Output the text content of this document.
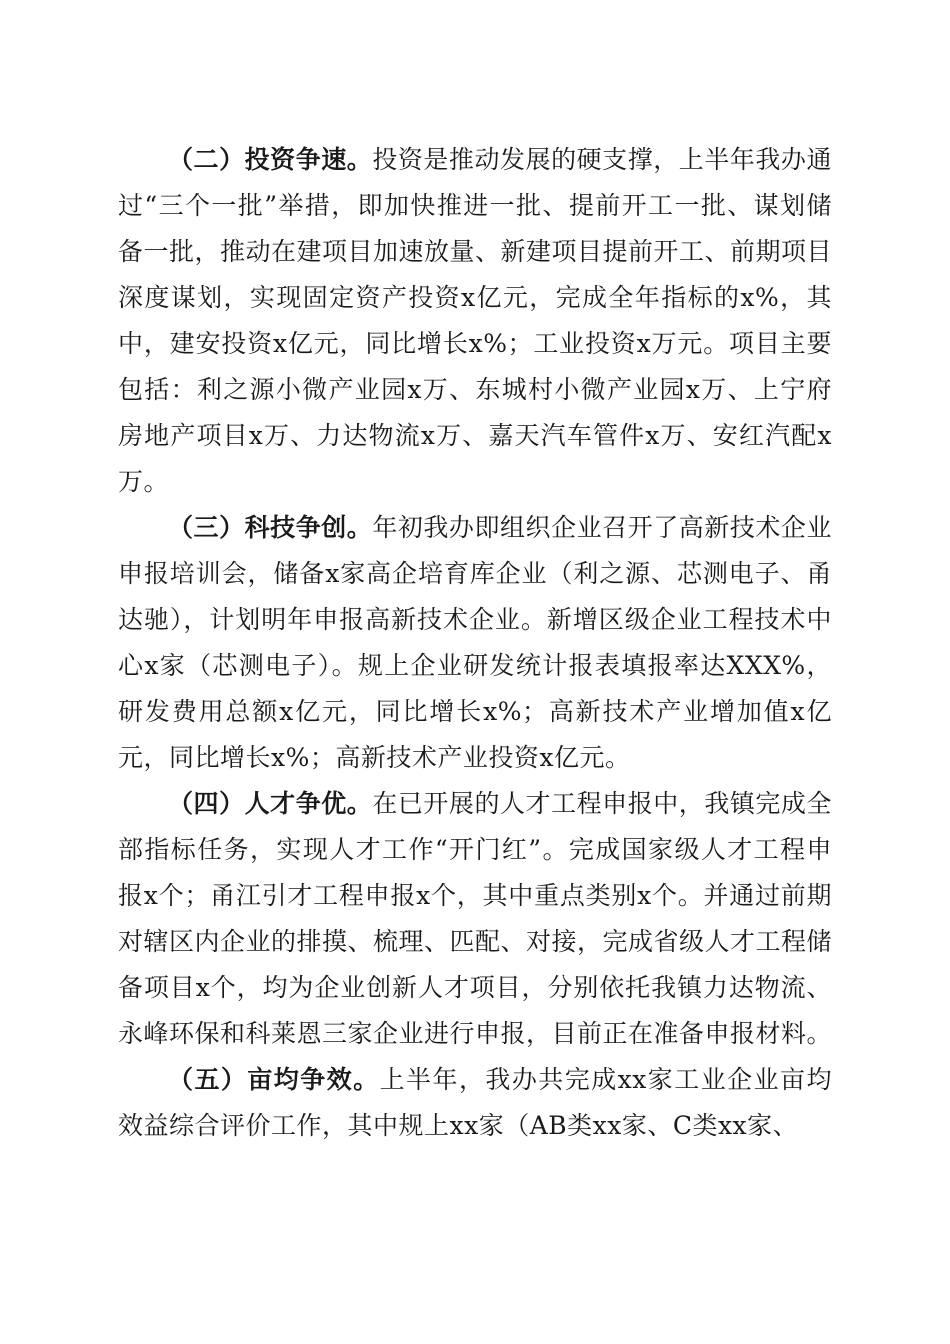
（二）投资争速。投资是推动发展的硬支撑，上半年我办通过“三个一批”举措，即加快推进一批、提前开工一批、谋划储备一批，推动在建项目加速放量、新建项目提前开工、前期项目深度谋划，实现固定资产投资x亿元，完成全年指标的x%，其中，建安投资x亿元，同比增长x%；工业投资x万元。项目主要包括：利之源小微产业园x万、东城村小微产业园x万、上宁府房地产项目x万、力达物流x万、嘉天汽车管件x万、安红汽配x万。

（三）科技争创。年初我办即组织企业召开了高新技术企业申报培训会，储备x家高企培育库企业（利之源、芯测电子、甬达驰），计划明年申报高新技术企业。新增区级企业工程技术中心x家（芯测电子）。规上企业研发统计报表填报率达XXX%，研发费用总额x亿元，同比增长x%；高新技术产业增加值x亿元，同比增长x%；高新技术产业投资x亿元。

（四）人才争优。在已开展的人才工程申报中，我镇完成全部指标任务，实现人才工作“开门红”。完成国家级人才工程申报x个；甬江引才工程申报x个，其中重点类别x个。并通过前期对辖区内企业的排摸、梳理、匹配、对接，完成省级人才工程储备项目x个，均为企业创新人才项目，分别依托我镇力达物流、永峰环保和科莱恩三家企业进行申报，目前正在准备申报材料。

（五）亩均争效。上半年，我办共完成xx家工业企业亩均效益综合评价工作，其中规上xx家（AB类xx家、C类xx家、
